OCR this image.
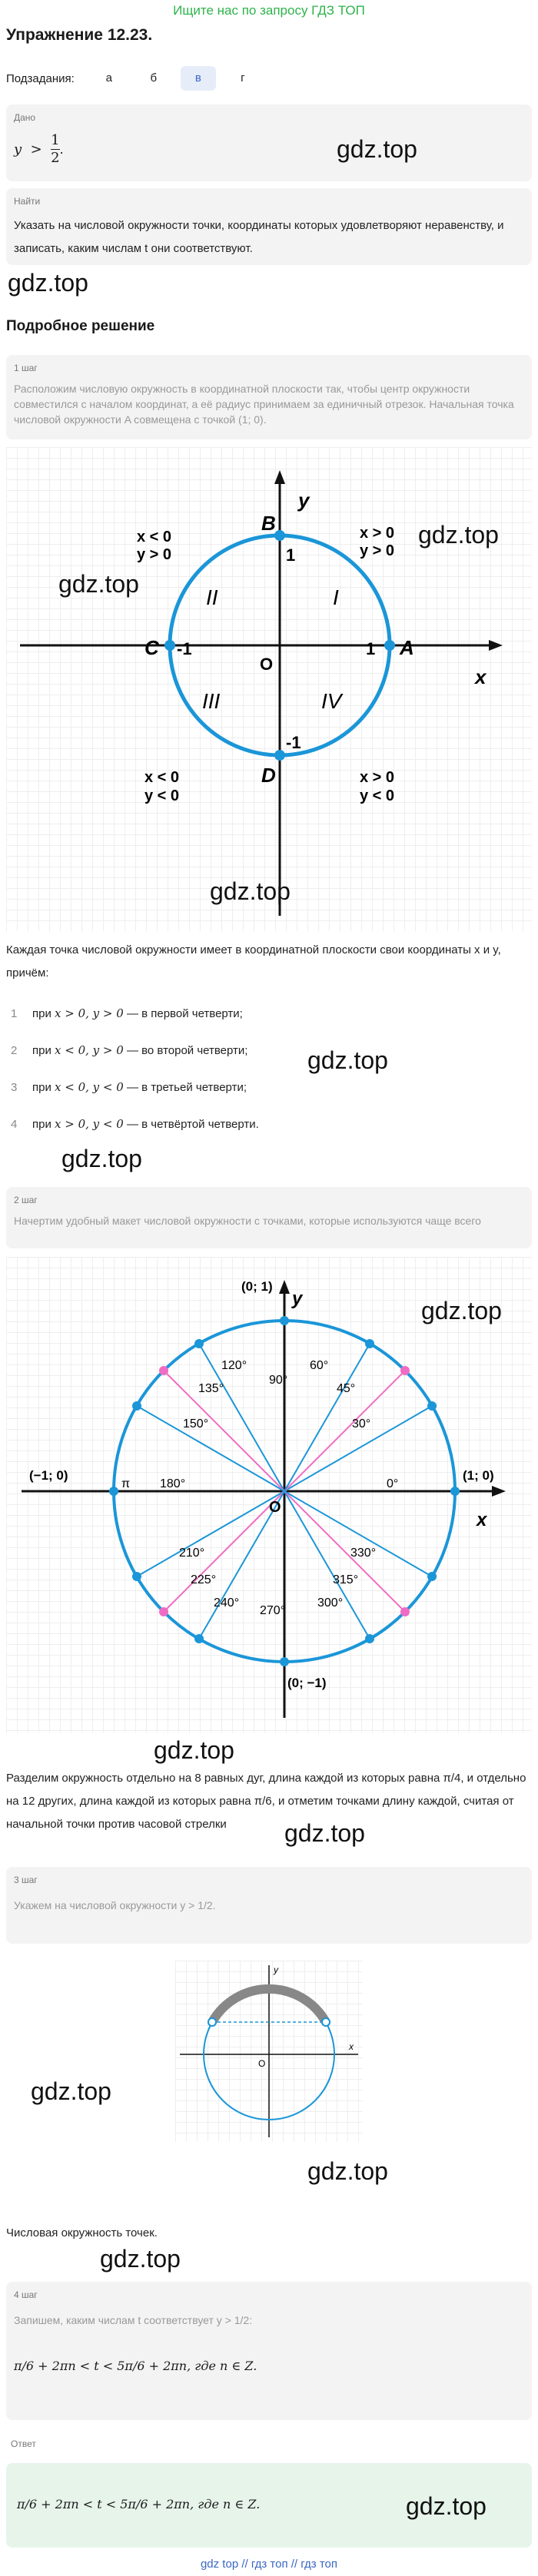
Ищите нас по запросу ГДЗ ТОП
Упражнение 12.23.
Подзадания:	а	б	в	г
Дано
$y > \frac{1}{2}$ .	gdz.top
Найти
Указать на числовой окружности точки, координаты которых удовлетворяют неравенству, и записать, каким числам t они соответствуют.
gdz.top
Подробное решение
1 шаг
Расположим числовую окружность в координатной плоскости так, чтобы центр окружности совместился с началом координат, а её радиус принимаем за единичный отрезок. Начальная точка числовой окружности A совмещена с точкой (1; 0).
y
x
B
C	A
D
O
1
-1	1
-1
I
II
III	IV
x < 0
y > 0
x > 0
y > 0
x < 0
y < 0
x > 0
y < 0
gdz.top
gdz.top
gdz.top
Каждая точка числовой окружности имеет в координатной плоскости свои координаты x и y, причём:
1 при x > 0, y > 0 — в первой четверти;
2 при x < 0, y > 0 — во второй четверти;
3 при x < 0, y < 0 — в третьей четверти;
4 при x > 0, y < 0 — в четвёртой четверти.
gdz.top
gdz.top
2 шаг
Начертим удобный макет числовой окружности с точками, которые используются чаще всего
y
x
O
(0; 1)
(0; −1)
(−1; 0)	(1; 0)
π 180°	0°
90°
270°
30°
45°
60°
120°
135°
150°
210°
225°
240°	300°
315°
330°
gdz.top
gdz.top
Разделим окружность отдельно на 8 равных дуг, длина каждой из которых равна π/4, и отдельно на 12 других, длина каждой из которых равна π/6, и отметим точками длину каждой, считая от начальной точки против часовой стрелки	gdz.top
3 шаг
Укажем на числовой окружности y > 1/2.
O
x
y
gdz.top
gdz.top
Числовая окружность точек.
gdz.top
4 шаг
Запишем, каким числам t соответствует y > 1/2:
π/6 + 2πn < t < 5π/6 + 2πn, где n ∈ Z.
Ответ
π/6 + 2πn < t < 5π/6 + 2πn, где n ∈ Z.	gdz.top
gdz top // гдз топ // гдз топ
